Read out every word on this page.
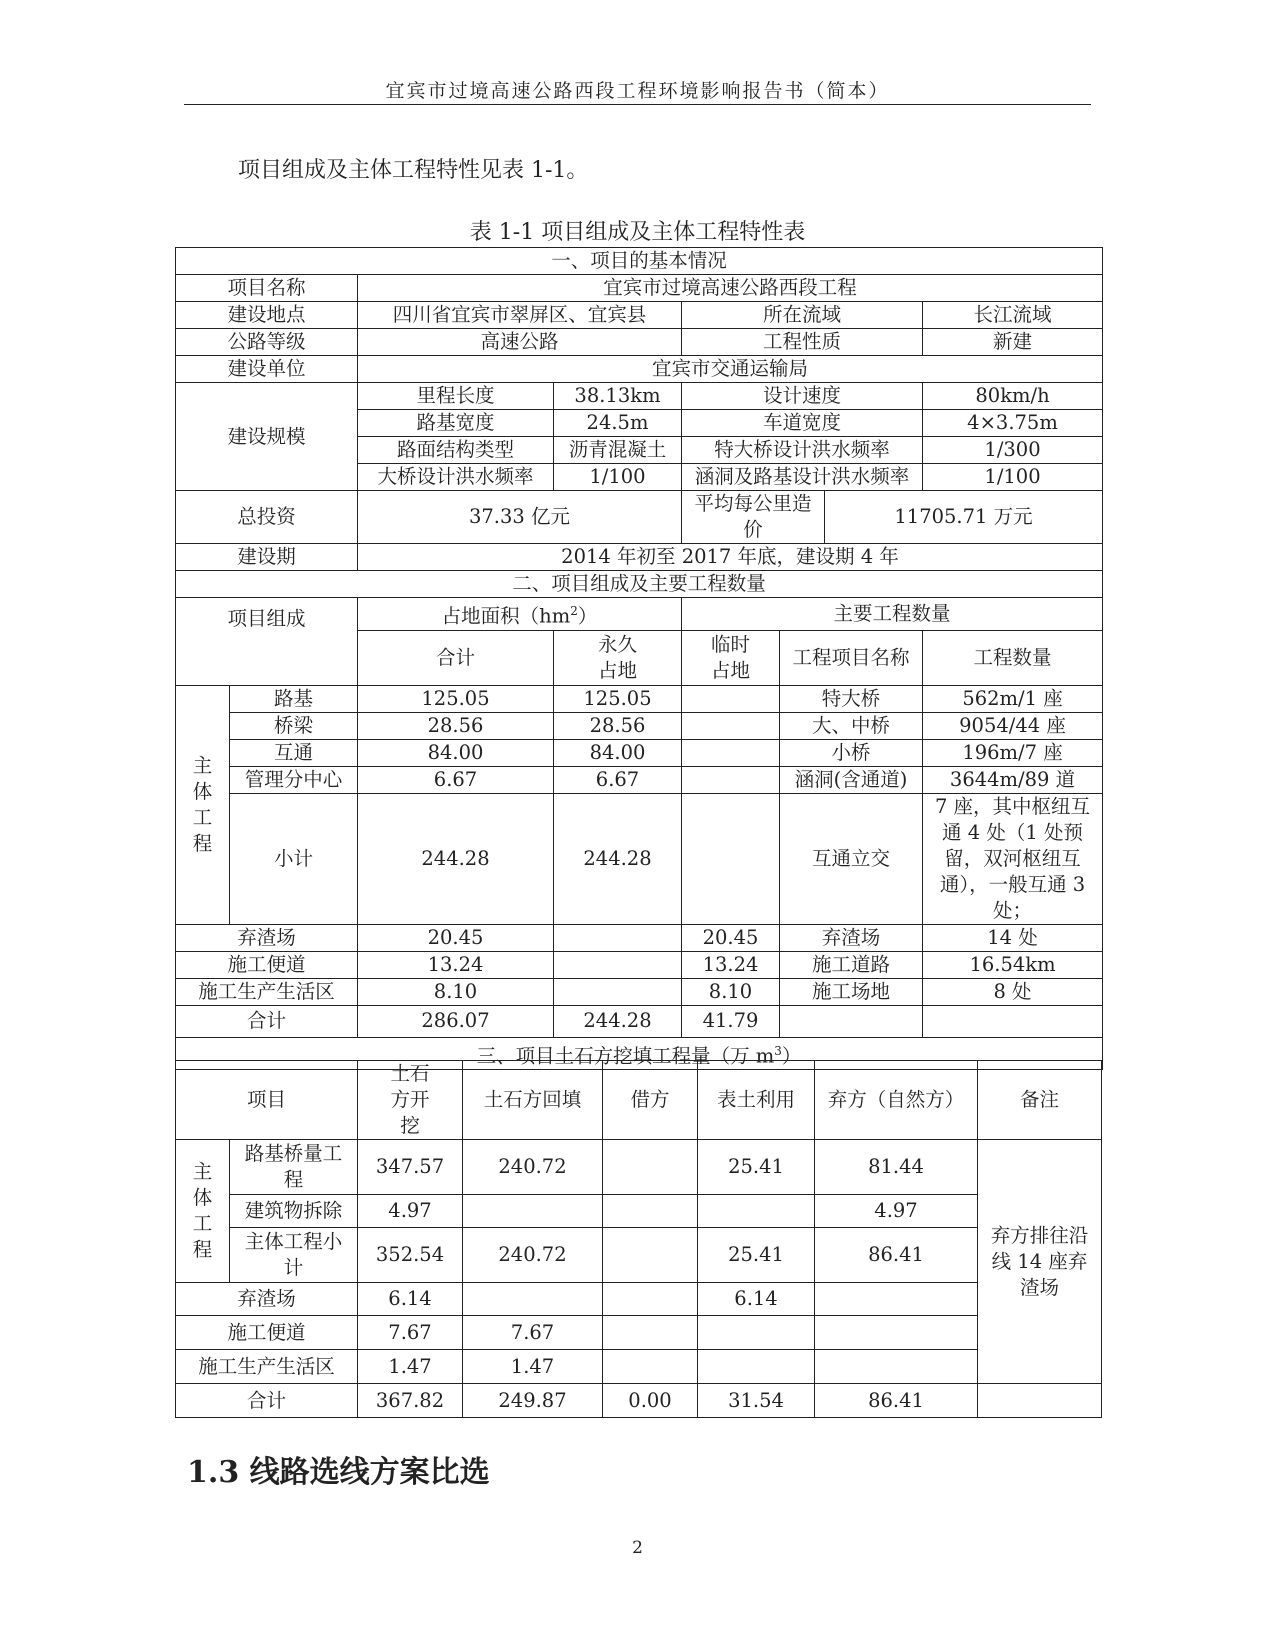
宜宾市过境高速公路西段工程环境影响报告书（简本）
项目组成及主体工程特性见表 1-1。
表 1-1 项目组成及主体工程特性表
一、项目的基本情况							
项目名称		宜宾市过境高速公路西段工程					
建设地点		四川省宜宾市翠屏区、宜宾县		所在流域			长江流域
公路等级		高速公路		工程性质			新建
建设单位		宜宾市交通运输局					
建设规模		里程长度	38.13km	设计速度			80km/h
		路基宽度	24.5m	车道宽度			4×3.75m
		路面结构类型	沥青混凝土	特大桥设计洪水频率			1/300
		大桥设计洪水频率	1/100	涵洞及路基设计洪水频率			1/100
总投资		37.33 亿元		平均每公里造价		11705.71 万元	
建设期		2014 年初至 2017 年底，建设期 4 年					
二、项目组成及主要工程数量							
项目组成		占地面积$(hm^2)$		主要工程数量			
		合计	永久占地	临时占地	工程项目名称		工程数量
主体工程	路基	125.05	125.05		特大桥		562m/1 座
	桥梁	28.56	28.56		大、中桥		9054/44 座
	互通	84.00	84.00		小桥		196m/7 座
	管理分中心	6.67	6.67		涵洞(含通道)		3644m/89 道
	小计	244.28	244.28		互通立交		7 座，其中枢纽互通 4 处（1 处预留，双河枢纽互通），一般互通 3 处；
弃渣场		20.45		20.45	弃渣场		14 处
施工便道		13.24		13.24	施工道路		16.54km
施工生产生活区		8.10		8.10	施工场地		8 处
合计		286.07	244.28	41.79			
三、项目土石方挖填工程量（万 $m^3$）							
项目		土石方开挖	土石方回填	借方	表土利用	弃方（自然方）	备注
主体工程	路基桥量工程	347.57	240.72		25.41	81.44	弃方排往沿线 14 座弃渣场
	建筑物拆除	4.97				4.97	
	主体工程小计	352.54	240.72		25.41	86.41	
弃渣场		6.14			6.14		
施工便道		7.67	7.67				
施工生产生活区		1.47	1.47				
合计		367.82	249.87	0.00	31.54	86.41	
1.3 线路选线方案比选
2
